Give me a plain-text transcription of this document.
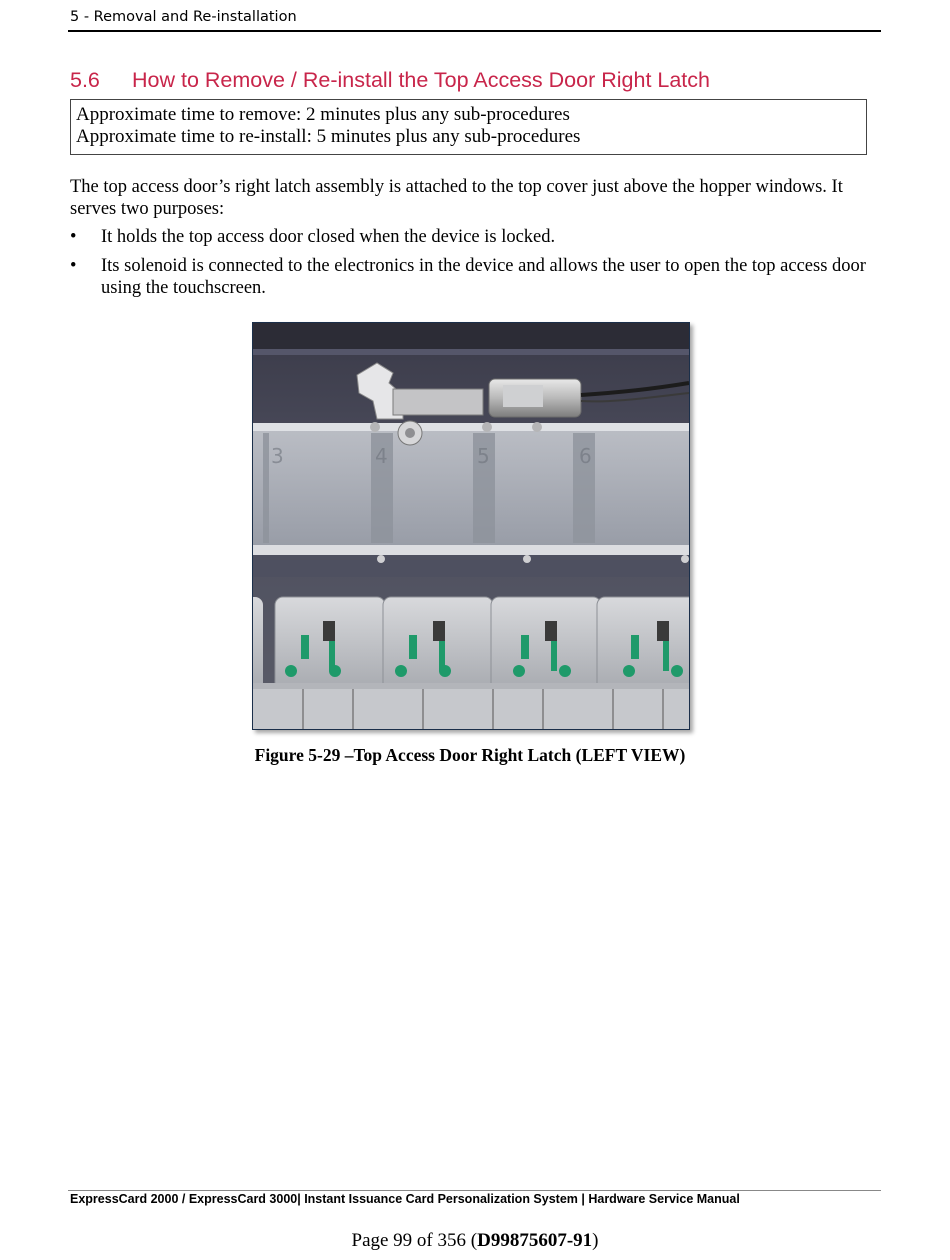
5 - Removal and Re-installation
5.6 How to Remove / Re-install the Top Access Door Right Latch
Approximate time to remove: 2 minutes plus any sub-procedures
Approximate time to re-install: 5 minutes plus any sub-procedures
The top access door’s right latch assembly is attached to the top cover just above the hopper windows. It serves two purposes:
• It holds the top access door closed when the device is locked.
• Its solenoid is connected to the electronics in the device and allows the user to open the top access door using the touchscreen.
3	4	5	6
Figure 5-29 –Top Access Door Right Latch (LEFT VIEW)
ExpressCard 2000 / ExpressCard 3000| Instant Issuance Card Personalization System | Hardware Service Manual
Page 99 of 356 (D99875607-91)
